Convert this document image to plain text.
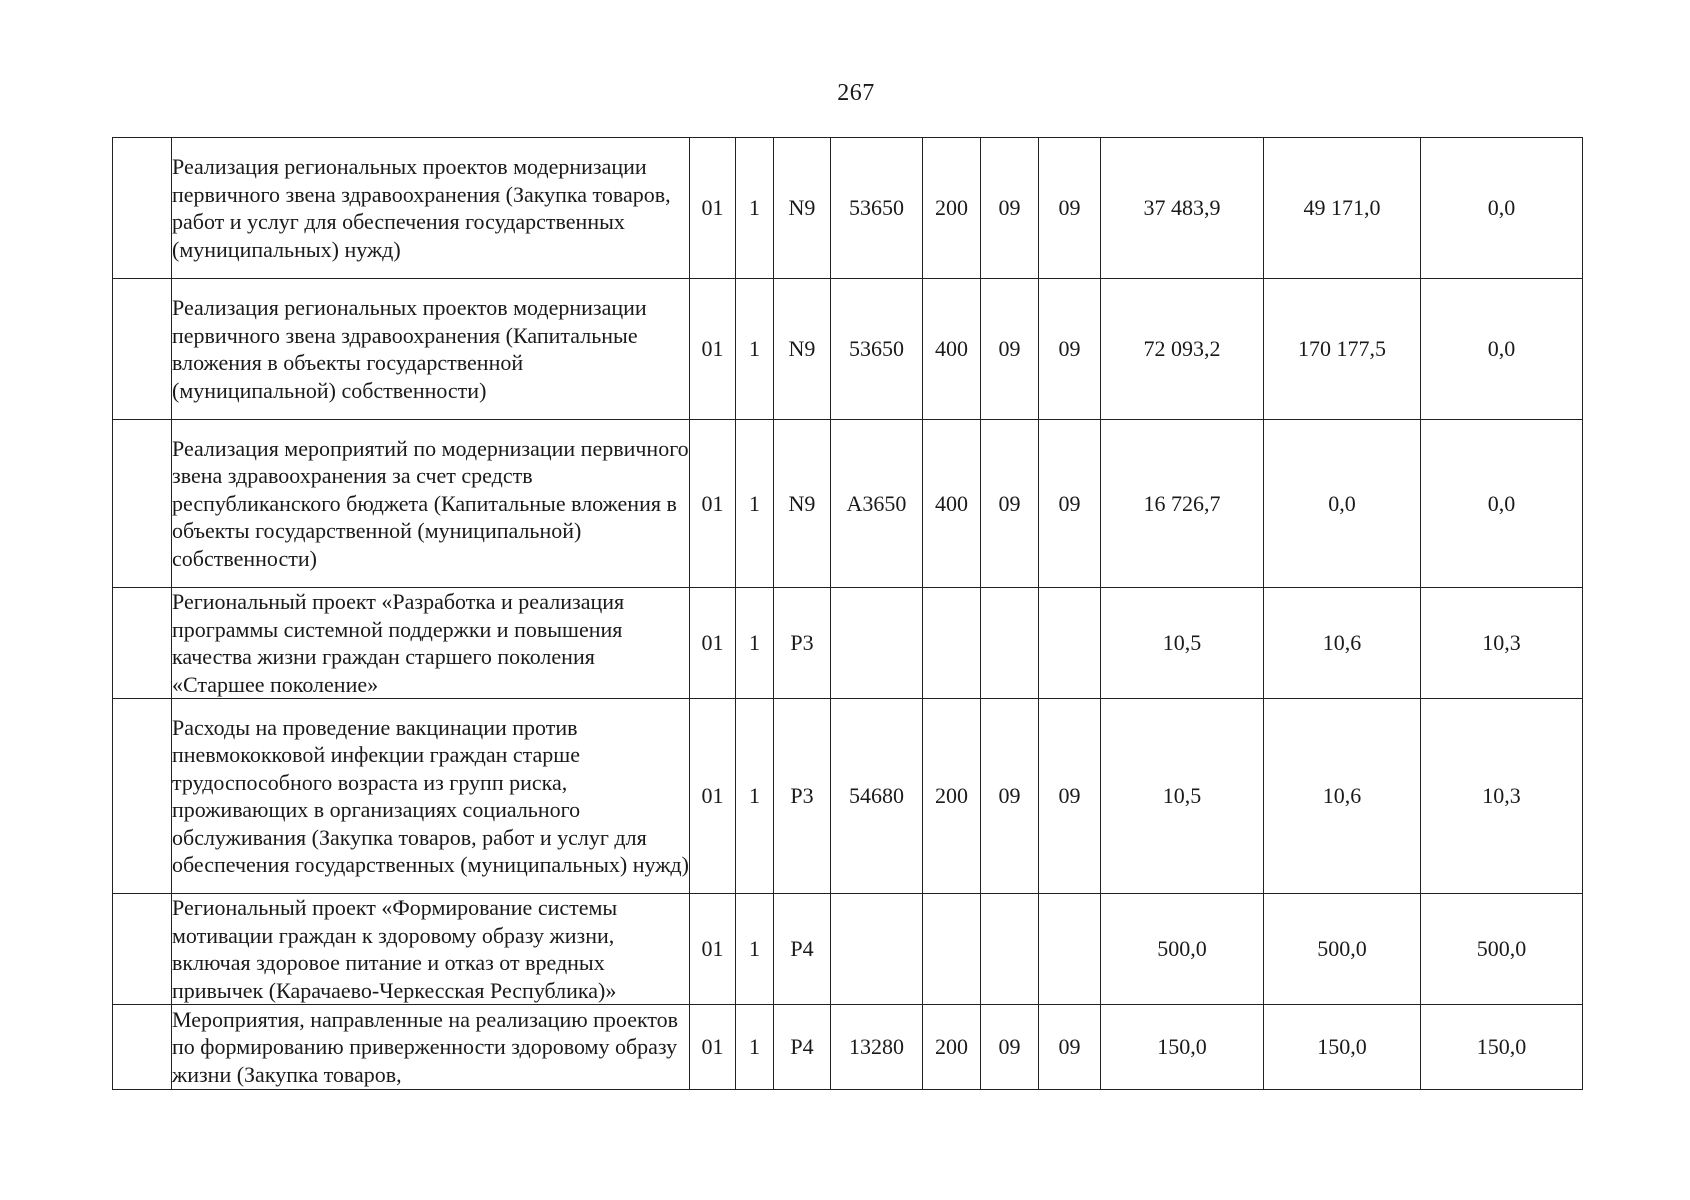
267
	Реализация региональных проектов модернизации первичного звена здравоохранения (Закупка товаров, работ и услуг для обеспечения государственных (муниципальных) нужд)	01	1	N9	53650	200	09	09	37 483,9	49 171,0	0,0
	Реализация региональных проектов модернизации первичного звена здравоохранения (Капитальные вложения в объекты государственной (муниципальной) собственности)	01	1	N9	53650	400	09	09	72 093,2	170 177,5	0,0
	Реализация мероприятий по модернизации первичного звена здравоохранения за счет средств республиканского бюджета (Капитальные вложения в объекты государственной (муниципальной) собственности)	01	1	N9	А3650	400	09	09	16 726,7	0,0	0,0
	Региональный проект «Разработка и реализация программы системной поддержки и повышения качества жизни граждан старшего поколения «Старшее поколение»	01	1	P3					10,5	10,6	10,3
	Расходы на проведение вакцинации против пневмококковой инфекции граждан старше трудоспособного возраста из групп риска, проживающих в организациях социального обслуживания (Закупка товаров, работ и услуг для обеспечения государственных (муниципальных) нужд)	01	1	P3	54680	200	09	09	10,5	10,6	10,3
	Региональный проект «Формирование системы мотивации граждан к здоровому образу жизни, включая здоровое питание и отказ от вредных привычек (Карачаево-Черкесская Республика)»	01	1	P4					500,0	500,0	500,0
	Мероприятия, направленные на реализацию проектов по формированию приверженности здоровому образу жизни (Закупка товаров,	01	1	P4	13280	200	09	09	150,0	150,0	150,0
